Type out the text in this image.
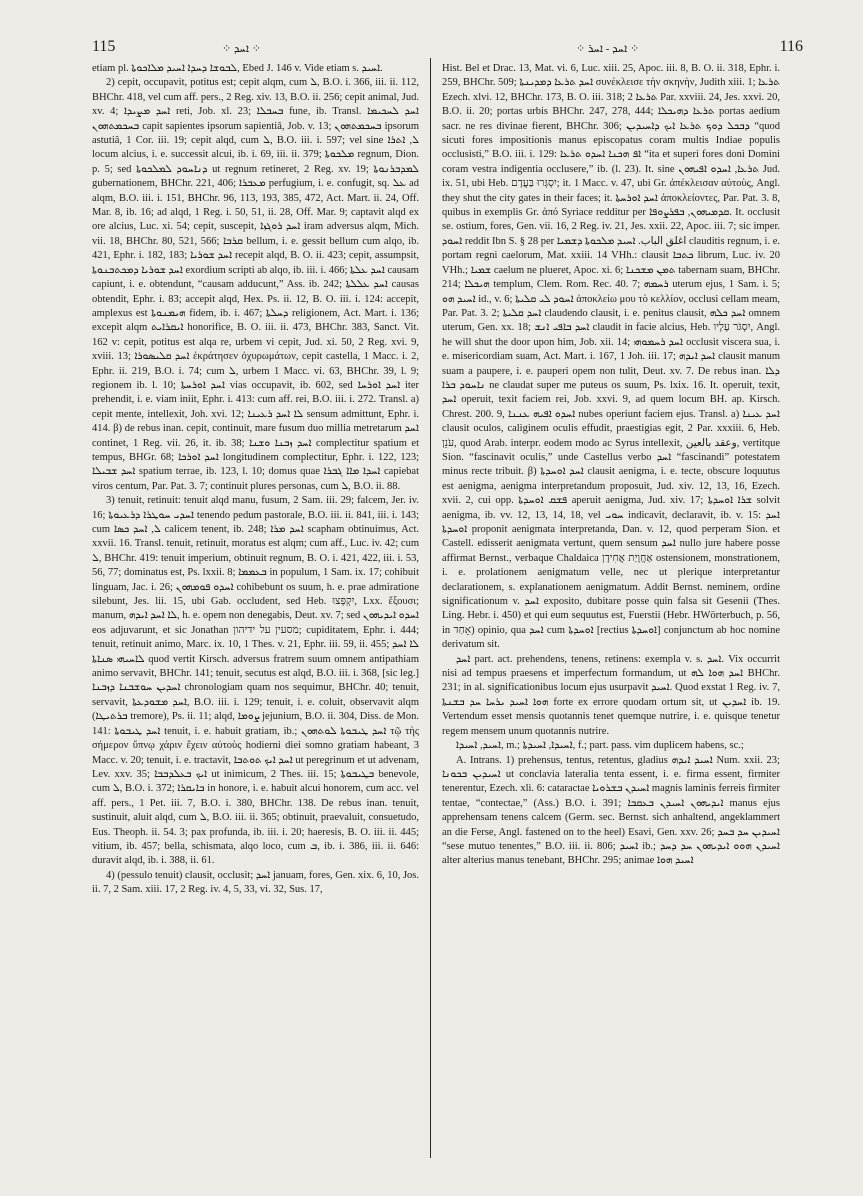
115	⁘ ܐܚܕ ⁘	⁘ ܐܚܕ - ܐܚܪ ⁘	116

etiam pl. ܠܒܘܫܐ ܕܚܕܐ ܐܚܝܕ ܡܠܐܟܘܬܐ, Ebed J. 146 v. Vide etiam s. ܐܚܝܕ.

2) cepit, occupavit, potitus est; cepit alqm, cum ܠ, B.O. i. 366, iii. ii. 112, BHChr. 418, vel cum aff. pers., 2 Reg. xiv. 13, B.O. ii. 256; cepit animal, Jud. xv. 4; ܐܚܕ ܡܨܝܕܐ reti, Job. xl. 23; ܒܚܒܠܐ fune, ib. Transl. ܐܚܕ ܠܚܟܝܡܐ ܒܚܟܡܬܗܘܢ capit sapientes ipsorum sapientiâ, Job. v. 13; ܒܚܟܡܬܗܘܢ ipsorum astutiâ, 1 Cor. iii. 19; cepit alqd, cum ܠ, B.O. iii. i. 597; vel sine ܠ, ܐܬܪܐ locum alcius, i. e. successit alcui, ib. i. 69, iii. ii. 379; ܡܠܟܘܬܐ regnum, Dion. p. 5; sed ܕܢܐܚܘܕ ܠܡܠܟܘܬܐ ut regnum retineret, 2 Reg. xv. 19; ܠܡܕܒܪܢܘܬܐ gubernationem, BHChr. 221, 406; ܡܥܒܪܐ perfugium, i. e. confugit, sq. ܥܠ ad alqm, B.O. iii. i. 151, BHChr. 96, 113, 193, 385, 472, Act. Mart. ii. 24, Off. Mar. 8, ib. 16; ad alqd, 1 Reg. i. 50, 51, ii. 28, Off. Mar. 9; captavit alqd ex ore alcius, Luc. xi. 54; cepit, suscepit, ܐܚܕ ܪܘܓܙܐ iram adversus alqm, Mich. vii. 18, BHChr. 80, 521, 566; ܩܪܒܐ bellum, i. e. gessit bellum cum alqo, ib. 421, Ephr. i. 182, 183; ܐܚܕ ܫܘܪܝܐ recepit alqd, B. O. ii. 423; cepit, assumpsit, ܐܚܕ ܫܘܪܝܐ ܕܡܟܬܒܢܘܬܐ exordium scripti ab alqo, ib. iii. i. 466; ܐܚܕ ܥܠܬܐ causam capiunt, i. e. obtendunt, “causam adducunt,” Ass. ib. 242; ܐܚܕ ܥܠܠܬܐ causas obtendit, Ephr. i. 83; accepit alqd, Hex. Ps. ii. 12, B. O. iii. i. 124: accepit, amplexus est ܗܝܡܢܘܬܐ fidem, ib. i. 467; ܕܚܠܬܐ religionem, Act. Mart. i. 136; excepit alqm ܐܝܩܪܐܝܬ honorifice, B. O. iii. ii. 473, BHChr. 383, Sanct. Vit. 162 v: cepit, potitus est alqa re, urbem vi cepit, Jud. xi. 50, 2 Reg. xvi. 9, xviii. 13; ܐܚܕ ܩܠܝܣܘܪܐ ἐκράτησεν ὀχυρωμάτων, cepit castella, 1 Macc. i. 2, Ephr. ii. 219, B.O. i. 74; cum ܠ, urbem 1 Macc. vi. 63, BHChr. 39, l. 9; regionem ib. l. 10; ܐܚܕ ܐܘܪܚܬܐ vias occupavit, ib. 602, sed ܐܚܕ ܐܘܪܚܐ iter prehendit, i. e. viam iniit, Ephr. i. 413: cum aff. rei, B.O. iii. i. 272. Transl. a) cepit mente, intellexit, Joh. xvi. 12; ܠܐ ܐܚܕ ܪܥܝܢܐ sensum admittunt, Ephr. i. 414. β) de rebus inan. cepit, continuit, mare fusum duo millia metretarum ܐܚܕ continet, 1 Reg. vii. 26, it. ib. 38; ܐܚܕ ܙܒܢܐ ܘܫܢܐ complectitur spatium et tempus, BHGr. 68; ܐܚܕ ܐܘܪܟܐ longitudinem complectitur, Ephr. i. 122, 123; ܐܚܕ ܫܒܝܠܐ spatium terrae, ib. 123, l. 10; domus quae ܐܚܕܐ ܡܐܐ ܓܒܪܐ capiebat viros centum, Par. Pat. 3. 7; continuit plures personas, cum ܠ, B.O. ii. 88.

3) tenuit, retinuit: tenuit alqd manu, fusum, 2 Sam. iii. 29; falcem, Jer. iv. 16; ܐܚܕܝ ܚܘܛܪܐ ܕܪܥܝܘܬܐ tenendo pedum pastorale, B.O. iii. ii. 841, iii. i. 143; cum ܠ, ܐܚܕ ܟܣܐ calicem tenent, ib. 248; ܐܚܕ ܡܪܐ scapham obtinuimus, Act. xxvii. 16. Transl. tenuit, retinuit, moratus est alqm; cum aff., Luc. iv. 42; cum ܠ, BHChr. 419: tenuit imperium, obtinuit regnum, B. O. i. 421, 422, iii. i. 53, 56, 77; dominatus est, Ps. lxxii. 8; ܒܥܡܡܐ in populum, 1 Sam. ix. 17; cohibuit linguam, Jac. i. 26; ܐܚܕܘ ܦܘܡܗܘܢ cohibebunt os suum, h. e. prae admiratione silebunt, Jes. lii. 15, ubi Gab. occludent, sed Heb. יִקְפְּצוּ, Lxx. ἕξουσι; manum, ܠܐ ܐܚܕ ܐܝܕܗ, h. e. opem non denegabis, Deut. xv. 7; sed ܐܚܕܘ ܐܝܕܝܗܘܢ eos adjuvarunt, et sic Jonathan מסעין על ידיהון; cupiditatem, Ephr. i. 444; tenuit, retinuit animo, Marc. ix. 10, 1 Thes. v. 21, Ephr. iii. 59, ii. 455; ܠܐ ܐܚܕ ܠܐܚܝܗܝ ܣܢܐܬܐ quod vertit Kirsch. adversus fratrem suum omnem antipathiam animo servavit, BHChr. 141; tenuit, secutus est alqd, B.O. iii. i. 368, [sic leg.] ܐܚܕܝܢ ܚܘܫܒܢܐ ܕܙܒܢܐ chronologiam quam nos sequimur, BHChr. 40; tenuit, servavit, ܐܚܕ ܡܫܘܕܥܬܐ, B.O. iii. i. 129; tenuit, i. e. coluit, observavit alqm (ܒܪܬܝܛܐ tremore), Ps. ii. 11; alqd, ܨܘܡܐ jejunium, B.O. ii. 304, Diss. de Mon. 141: ܐܚܕ ܛܝܒܘܬܐ tenuit, i. e. habuit gratiam, ib.; ܐܚܕ ܛܝܒܘܬܐ ܠܘܬܗܘܢ τῷ τὴς σήμερον ὕπνῳ χάριν ἔχειν αὐτοὺς hodierni diei somno gratiam habeant, 3 Macc. v. 20; tenuit, i. e. tractavit, ܐܚܕ ܐܝܟ ܬܘܬܒܐ ut peregrinum et ut advenam, Lev. xxv. 35; ܐܝܟ ܒܥܠܕܒܒܐ ut inimicum, 2 Thes. iii. 15; ܒܛܝܒܘܬܐ benevole, cum ܠ, B.O. i. 372; ܒܐܝܩܪܐ in honore, i. e. habuit alcui honorem, cum acc. vel aff. pers., 1 Pet. iii. 7, B.O. i. 380, BHChr. 138. De rebus inan. tenuit, sustinuit, aluit alqd, cum ܠ, B.O. iii. ii. 365; obtinuit, praevaluit, consuetudo, Eus. Theoph. ii. 54. 3; pax profunda, ib. iii. i. 20; haeresis, B. O. iii. ii. 445; vitium, ib. 457; bella, schismata, alqo loco, cum ܒ, ib. i. 386, iii. ii. 646: duravit alqd, ib. i. 388, ii. 61.

4) (pessulo tenuit) clausit, occlusit; ܐܚܕ januam, fores, Gen. xix. 6, 10, Jos. ii. 7, 2 Sam. xiii. 17, 2 Reg. iv. 4, 5, 33, vi. 32, Sus. 17,

Hist. Bel et Drac. 13, Mat. vi. 6, Luc. xiii. 25, Apoc. iii. 8, B. O. ii. 318, Ephr. i. 259, BHChr. 509; ܐܚܕ ܬܪܥܐ ܕܡܕܝܢܬܐ συνέκλεισε τὴν σκηνὴν, Judith xiii. 1; ܬܪܥܐ Ezech. xlvi. 12, BHChr. 173, B. O. iii. 318; ܬܪܥܐ 2 Par. xxviii. 24, Jes. xxvi. 20, B.O. ii. 20; portas urbis BHChr. 247, 278, 444; ܬܪܥܐ ܕܗܝܟܠܐ portas aedium sacr. ne res divinae fierent, BHChr. 306; ܕܒܟܠ ܕܘܟ ܬܪܥܐ ܐܝܟ ܕܐܚܝܕܝܢ “quod sicuti fores impositionis manus episcopatus coram multis Indiae populis occlusisti,” B.O. iii. i. 129: ܐܦ ܗܟܢܐ ܐܚܕܘ ܬܪܥܐ “ita et superi fores doni Domini coram vestra indigentia occlusere,” ib. (l. 23). It. sine ܬܪܥܐ, ܐܚܕܘ ܐܦܝܗܘܢ Jud. ix. 51, ubi Heb. יִסְגְּרוּ בַּעֲדָם; it. 1 Macc. v. 47, ubi Gr. ἀπέκλεισαν αὐτοὺς, Angl. they shut the city gates in their faces; it. ܐܚܕ ܐܘܪܚܬܐ ἀποκλείοντες, Par. Pat. 3. 8, quibus in exemplis Gr. ἀπό Syriace redditur per ܩܕܡܝܗܘܢ, ܒܦܪܨܘܦܐ. It. occlusit se. ostium, fores, Gen. vii. 16, 2 Reg. iv. 21, Jes. xxii. 22, Apoc. iii. 7; sic imper. ܐܚܘܕ reddit Ibn S. § 28 per اغلق الباب. ܐܚܝܕ ܡܠܟܘܬܐ ܕܫܡܝܐ clauditis regnum, i. e. portam regni caelorum, Mat. xxiii. 14 VHh.: clausit ܟܬܒܐ librum, Luc. iv. 20 VHh.; ܫܡܝܐ caelum ne plueret, Apoc. xi. 6; ܬܡܢ ܡܫܟܢܐ tabernam suam, BHChr. 214; ܗܝܟܠܐ templum, Clem. Rom. Rec. 40. 7; ܪܚܡܗ uterum ejus, 1 Sam. i. 5; ܐܚܝܕ ܗܘ id., v. 6; ܐܚܘܕ ܠܝ ܩܠܝܬܐ ἀποκλείω μου τὸ κελλίον, occlusi cellam meam, Par. Pat. 3. 2; ܐܚܕ ܩܠܝܬܐ claudendo clausit, i. e. penitus clausit, ܐܚܕ ܟܠܗ omnem uterum, Gen. xx. 18; ܐܚܕ ܒܐܦܝ ܐܢܫ claudit in facie alcius, Heb. יִסְגֹּר עָלָיו, Angl. he will shut the door upon him, Job. xii. 14; ܐܚܕ ܪܚܡܘܗܝ occlusit viscera sua, i. e. misericordiam suam, Act. Mart. i. 167, 1 Joh. iii. 17; ܐܚܕ ܐܝܕܗ clausit manum suam a paupere, i. e. pauperi opem non tulit, Deut. xv. 7. De rebus inan. ܕܠܐ ܢܐܚܘܕ ܒܪܐ ne claudat super me puteus os suum, Ps. lxix. 16. It. operuit, texit, ܐܚܕ operuit, texit faciem rei, Job. xxvi. 9, ad quem locum BH. ap. Kirsch. Chrest. 200. 9, ܐܚܕܘ ܐܦܝܗ ܥܢܢܐ nubes operiunt faciem ejus. Transl. a) ܐܚܕ ܥܝܢܐ clausit oculos, caliginem oculis effudit, praestigias egit, 2 Par. xxxiii. 6, Heb. עֹנֵן, quod Arab. interpr. eodem modo ac Syrus intellexit, وعقد بالعين, vertitque Sion. “fascinavit oculis,” unde Castellus verbo ܐܚܕ “fascinandi” potestatem minus recte tribuit. β) ܐܚܕ ܐܘܚܕܬܐ clausit aenigma, i. e. tecte, obscure loquutus est aenigma, aenigma interpretandum proposuit, Jud. xiv. 12, 13, 16, Ezech. xvii. 2, cui opp. ܦܫܩ ܐܘܚܕܬܐ aperuit aenigma, Jud. xiv. 17; ܫܪܐ ܐܘܚܕܬܐ solvit aenigma, ib. vv. 12, 13, 14, 18, vel ܚܘܝ indicavit, declaravit, ib. v. 15: ܐܚܕ ܐܘܚܕܬܐ proponit aenigmata interpretanda, Dan. v. 12, quod perperam Sion. et Castell. edisserit aenigmata vertunt, quem sensum ܐܚܕ nullo jure habere posse affirmat Bernst., verbaque Chaldaica אַחֲוָיַת אֲחִידָן ostensionem, monstrationem, i. e. prolationem aenigmatum velle, nec ut plerique interpretantur declarationem, s. explanationem aenigmatum. Addit Bernst. neminem, ordine significationum v. ܐܚܕ exposito, dubitare posse quin falsa sit Gesenii (Thes. Ling. Hebr. i. 450) et qui eum sequutus est, Fuerstii (Hebr. HWörterbuch, p. 56, in אָחַד) opinio, qua ܐܚܕ cum ܐܘܚܕܬܐ [rectius ܐܘܚܕܬܐ] conjunctum ab hoc nomine derivatum sit.

ܐܚܕ part. act. prehendens, tenens, retinens: exempla v. s. ܐܚܕ. Vix occurrit nisi ad tempus praesens et imperfectum formandum, ut ܐܚܕ ܗܘܐ ܠܗ BHChr. 231; in al. significationibus locum ejus usurpavit ܐܚܝܕ. Quod exstat 1 Reg. iv. 7, ܗܘܐ ܐܚܝܕ ܝܪܚܐ ܚܕ ܒܫܢܬܐ forte ex errore quodam ortum sit, ut ܐܚܕܝܢ ib. 19. Vertendum esset mensis quotannis tenet quemque nutrire, i. e. quisque tenetur regem mensem unum quotannis nutrire.

ܐܚܝܕ, ܐܚܝܕܐ, m.; ܐܚܝܕܐ, ܐܚܝܕܬܐ, f.; part. pass. vim duplicem habens, sc.;

A. Intrans. 1) prehensus, tentus, retentus, gladius ܐܚܝܕ ܐܝܕܗ Num. xxii. 23; ܐܚܝܕܝܢ ܒܟܘܢܐ ut conclavia lateralia tenta essent, i. e. firma essent, firmiter tenerentur, Ezech. xli. 6: cataractae ܐܚܝܕܢ ܒܫܪܘܝܐ magnis laminis ferreis firmiter tentae, “contectae,” (Ass.) B.O. i. 391; ܐܝܕܝܗܘܢ ܐܚܝܕܢ ܒܥܩܒܐ manus ejus apprehensam tenens calcem (Germ. sec. Bernst. sich anhaltend, angeklammert an die Ferse, Angl. fastened on to the heel) Esavi, Gen. xxv. 26; ܐܚܝܕܝܢ ܚܕ ܒܚܕ “sese mutuo tenentes,” B.O. iii. ii. 806; ܐܚܝܕ ib.; ܐܚܝܕܢ ܗܘܘ ܐܝܕܝܗܘܢ ܚܕ ܕܚܕ alter alterius manus tenebant, BHChr. 295; animae ܐܚܝܕ ܗܘܐ
